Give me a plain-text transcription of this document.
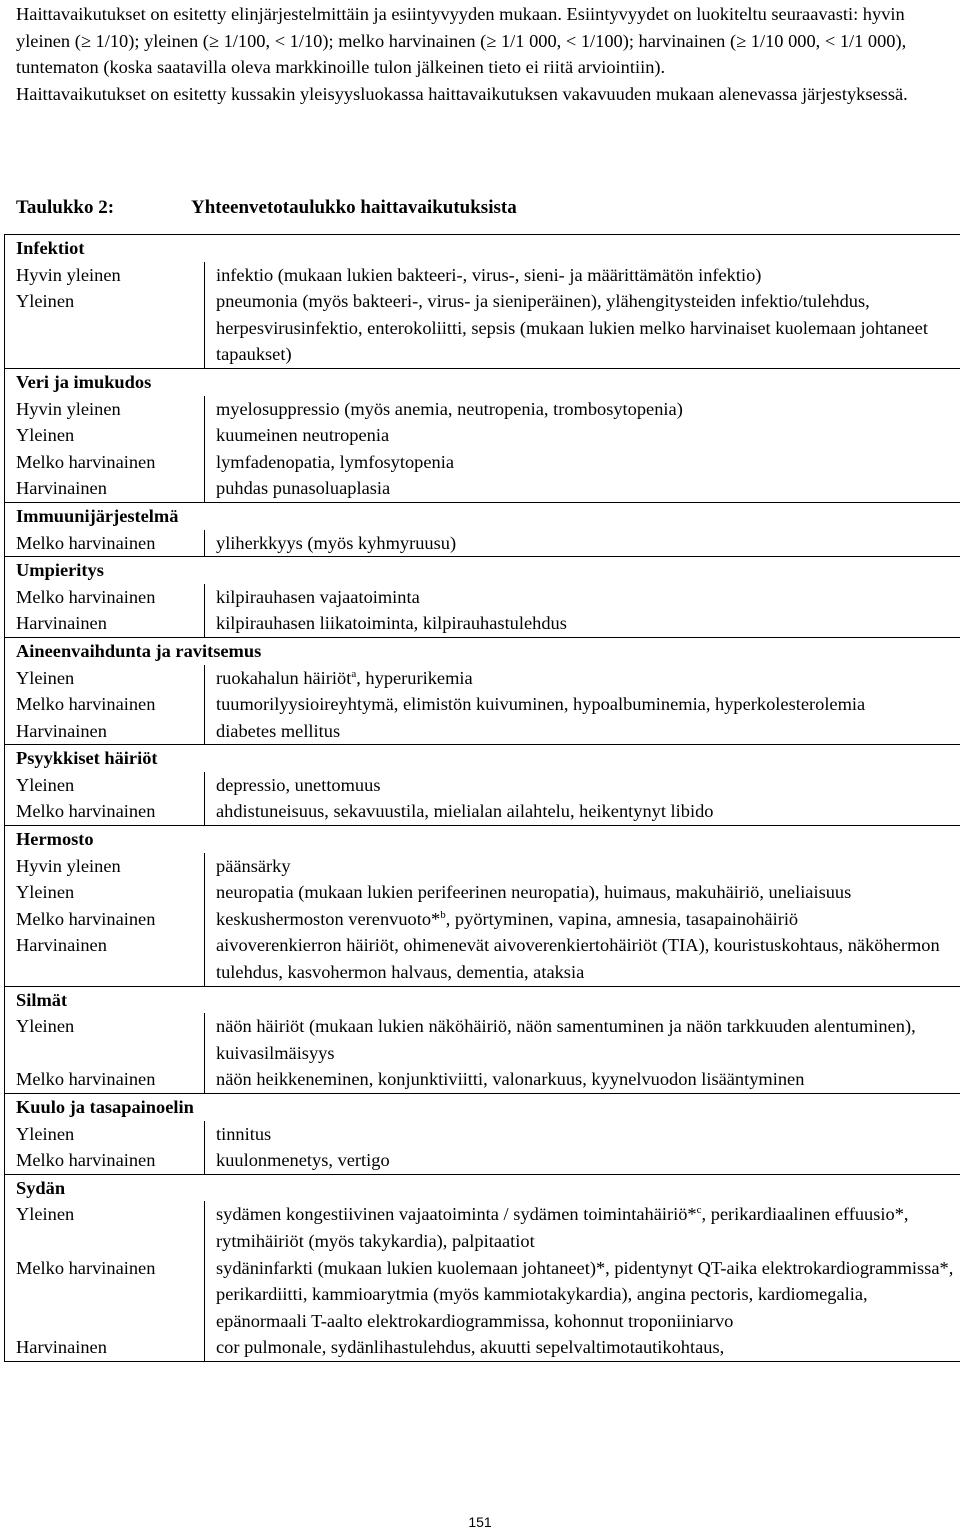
Haittavaikutukset on esitetty elinjärjestelmittäin ja esiintyvyyden mukaan. Esiintyvyydet on luokiteltu seuraavasti: hyvin yleinen (≥ 1/10); yleinen (≥ 1/100, < 1/10); melko harvinainen (≥ 1/1 000, < 1/100); harvinainen (≥ 1/10 000, < 1/1 000), tuntematon (koska saatavilla oleva markkinoille tulon jälkeinen tieto ei riitä arviointiin).

Haittavaikutukset on esitetty kussakin yleisyysluokassa haittavaikutuksen vakavuuden mukaan alenevassa järjestyksessä.

Taulukko 2:	Yhteenvetotaulukko haittavaikutuksista
Infektiot	
Hyvin yleinen	infektio (mukaan lukien bakteeri-, virus-, sieni- ja määrittämätön infektio)
Yleinen	pneumonia (myös bakteeri-, virus- ja sieniperäinen), ylähengitysteiden infektio/tulehdus, herpesvirusinfektio, enterokoliitti, sepsis (mukaan lukien melko harvinaiset kuolemaan johtaneet tapaukset)
Veri ja imukudos	
Hyvin yleinen	myelosuppressio (myös anemia, neutropenia, trombosytopenia)
Yleinen	kuumeinen neutropenia
Melko harvinainen	lymfadenopatia, lymfosytopenia
Harvinainen	puhdas punasoluaplasia
Immuunijärjestelmä	
Melko harvinainen	yliherkkyys (myös kyhmyruusu)
Umpieritys	
Melko harvinainen	kilpirauhasen vajaatoiminta
Harvinainen	kilpirauhasen liikatoiminta, kilpirauhastulehdus
Aineenvaihdunta ja ravitsemus	
Yleinen	ruokahalun häiriöt$^a$, hyperurikemia
Melko harvinainen	tuumorilyysioireyhtymä, elimistön kuivuminen, hypoalbuminemia, hyperkolesterolemia
Harvinainen	diabetes mellitus
Psyykkiset häiriöt	
Yleinen	depressio, unettomuus
Melko harvinainen	ahdistuneisuus, sekavuustila, mielialan ailahtelu, heikentynyt libido
Hermosto	
Hyvin yleinen	päänsärky
Yleinen	neuropatia (mukaan lukien perifeerinen neuropatia), huimaus, makuhäiriö, uneliaisuus
Melko harvinainen	keskushermoston verenvuoto*$^b$, pyörtyminen, vapina, amnesia, tasapainohäiriö
Harvinainen	aivoverenkierron häiriöt, ohimenevät aivoverenkiertohäiriöt (TIA), kouristuskohtaus, näköhermon tulehdus, kasvohermon halvaus, dementia, ataksia
Silmät	
Yleinen	näön häiriöt (mukaan lukien näköhäiriö, näön samentuminen ja näön tarkkuuden alentuminen), kuivasilmäisyys
Melko harvinainen	näön heikkeneminen, konjunktiviitti, valonarkuus, kyynelvuodon lisääntyminen
Kuulo ja tasapainoelin	
Yleinen	tinnitus
Melko harvinainen	kuulonmenetys, vertigo
Sydän	
Yleinen	sydämen kongestiivinen vajaatoiminta / sydämen toimintahäiriö*$^c$, perikardiaalinen effuusio*, rytmihäiriöt (myös takykardia), palpitaatiot
Melko harvinainen	sydäninfarkti (mukaan lukien kuolemaan johtaneet)*, pidentynyt QT-aika elektrokardiogrammissa*, perikardiitti, kammioarytmia (myös kammiotakykardia), angina pectoris, kardiomegalia, epänormaali T-aalto elektrokardiogrammissa, kohonnut troponiiniarvo
Harvinainen	cor pulmonale, sydänlihastulehdus, akuutti sepelvaltimotautikohtaus,
151
